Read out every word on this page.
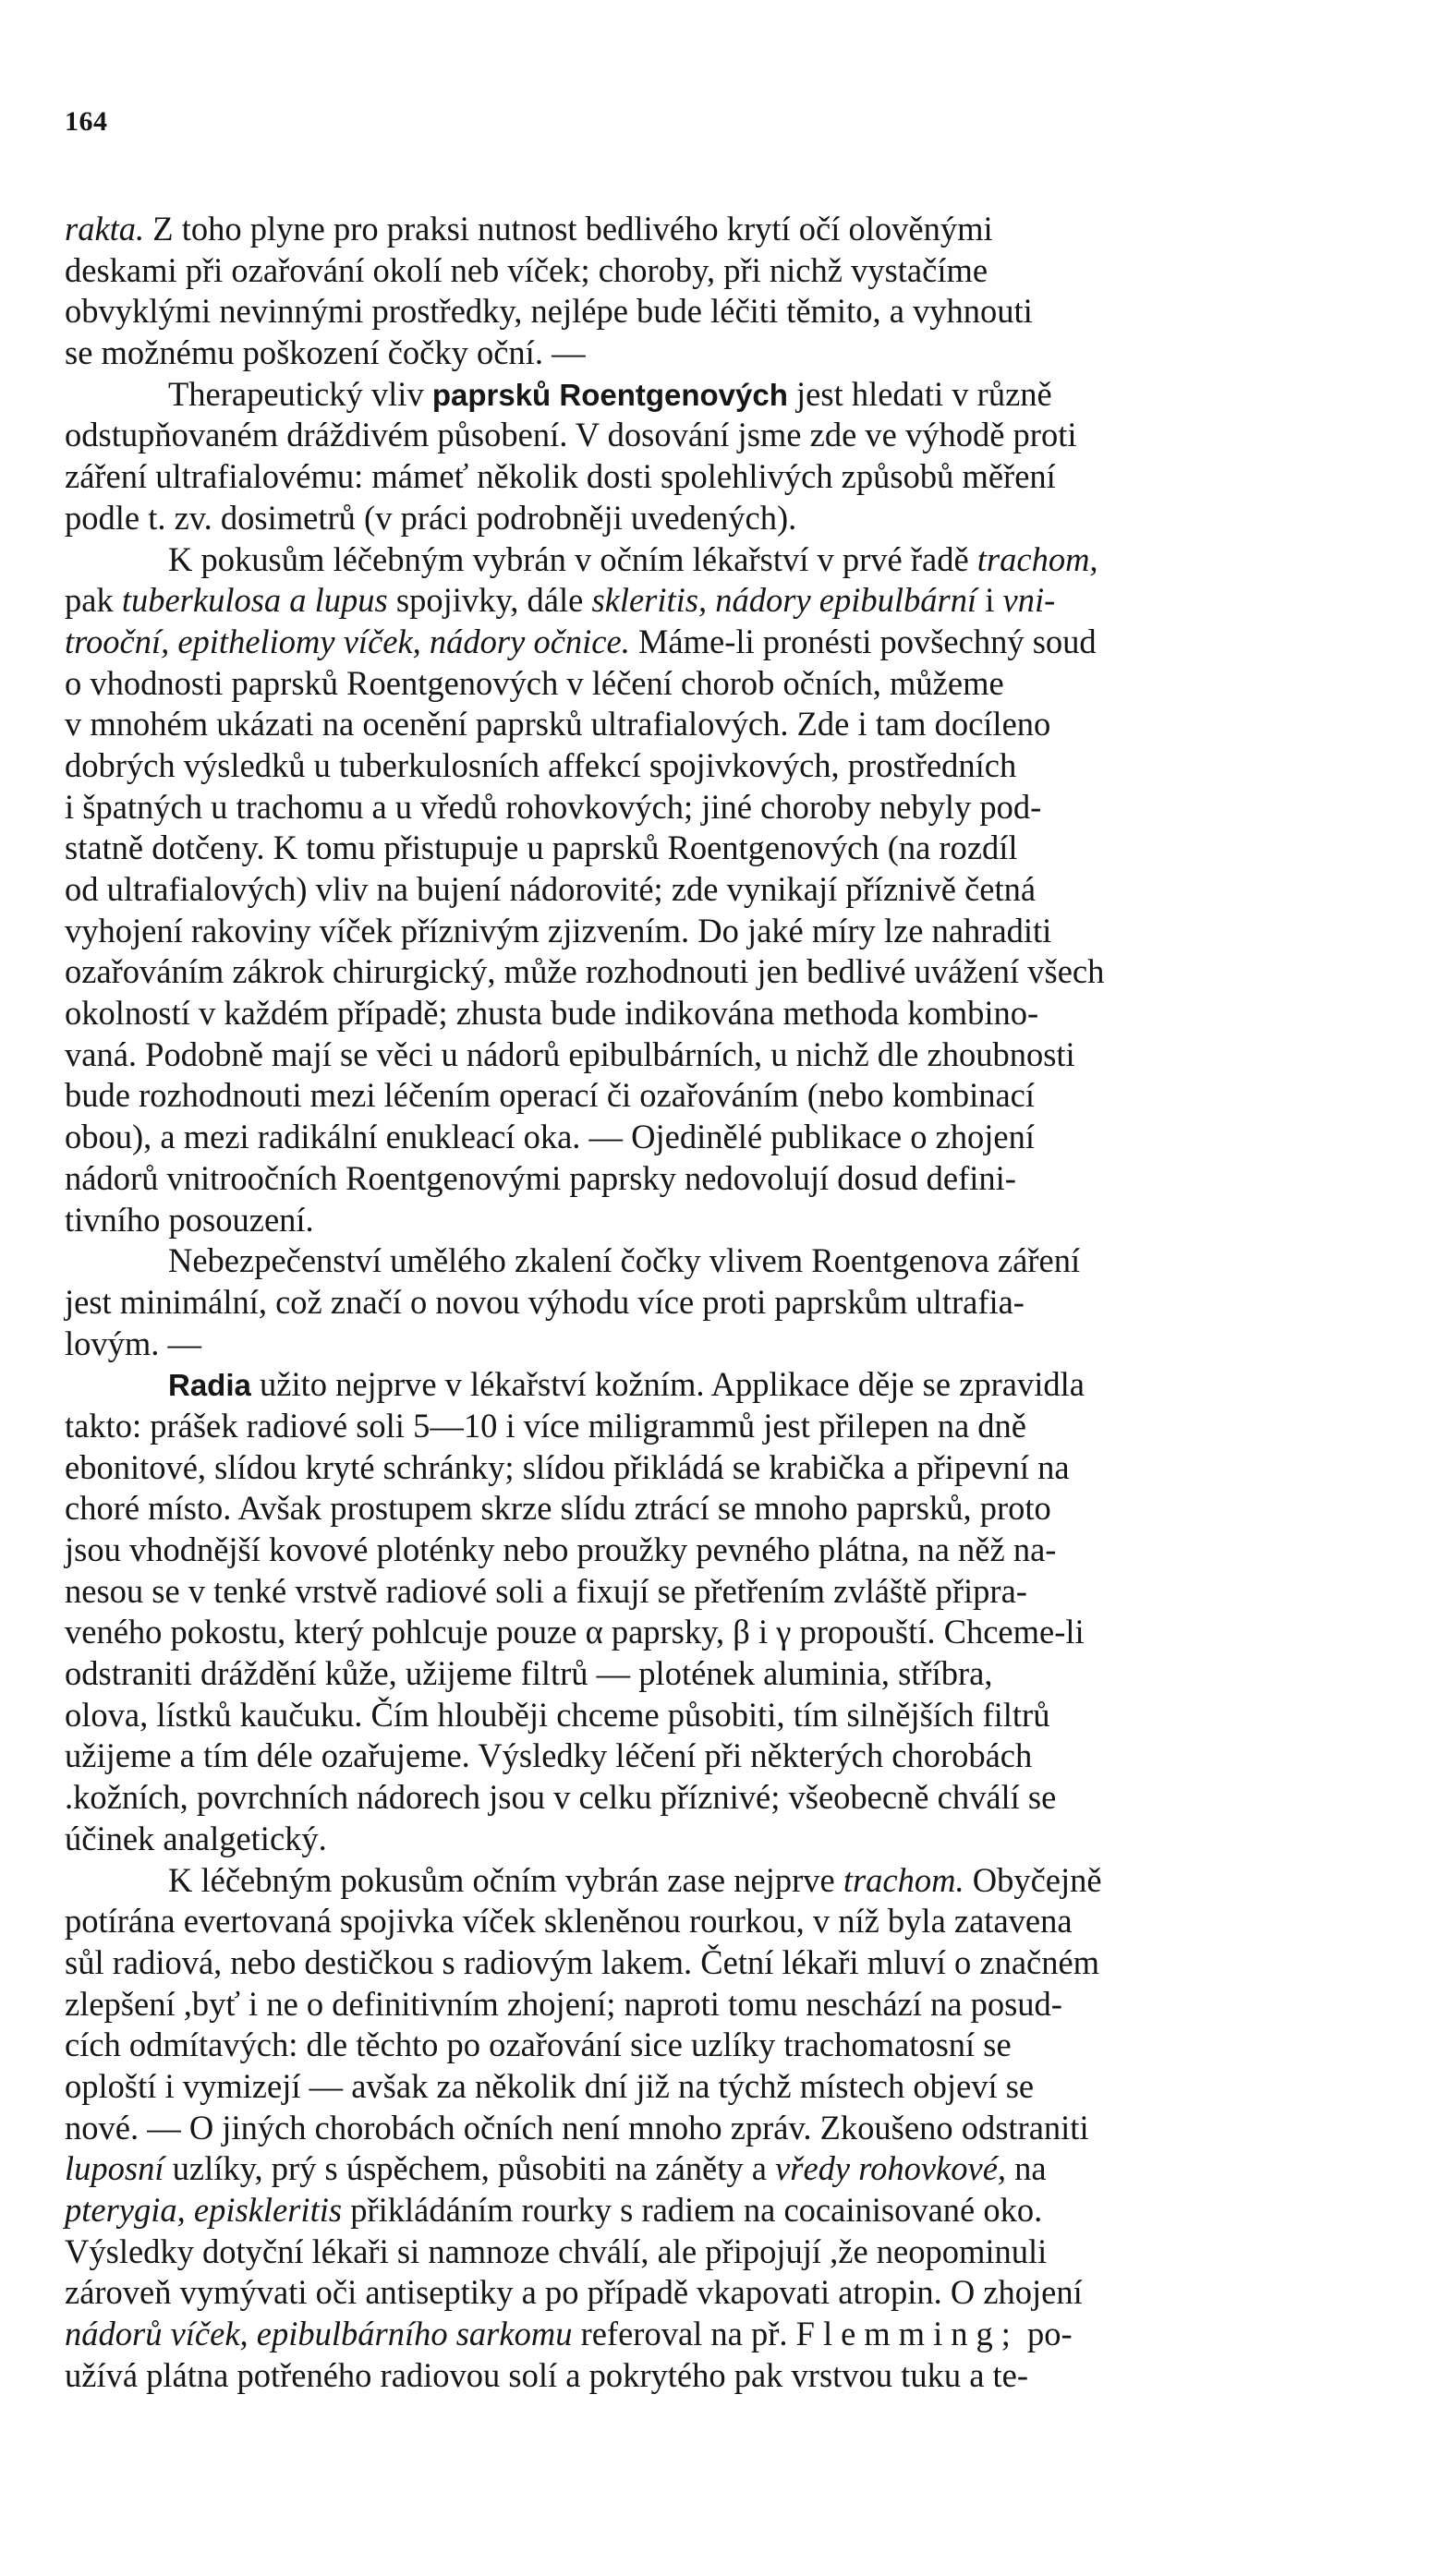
164
rakta. Z toho plyne pro praksi nutnost bedlivého krytí očí olověnými
deskami při ozařování okolí neb víček; choroby, při nichž vystačíme
obvyklými nevinnými prostředky, nejlépe bude léčiti těmito, a vyhnouti
se možnému poškození čočky oční. —
Therapeutický vliv paprsků Roentgenových jest hledati v různě
odstupňovaném dráždivém působení. V dosování jsme zde ve výhodě proti
záření ultrafialovému: mámeť několik dosti spolehlivých způsobů měření
podle t. zv. dosimetrů (v práci podrobněji uvedených).
K pokusům léčebným vybrán v očním lékařství v prvé řadě trachom,
pak tuberkulosa a lupus spojivky, dále skleritis, nádory epibulbární i vni-
trooční, epitheliomy víček, nádory očnice. Máme-li pronésti povšechný soud
o vhodnosti paprsků Roentgenových v léčení chorob očních, můžeme
v mnohém ukázati na ocenění paprsků ultrafialových. Zde i tam docíleno
dobrých výsledků u tuberkulosních affekcí spojivkových, prostředních
i špatných u trachomu a u vředů rohovkových; jiné choroby nebyly pod-
statně dotčeny. K tomu přistupuje u paprsků Roentgenových (na rozdíl
od ultrafialových) vliv na bujení nádorovité; zde vynikají příznivě četná
vyhojení rakoviny víček příznivým zjizvením. Do jaké míry lze nahraditi
ozařováním zákrok chirurgický, může rozhodnouti jen bedlivé uvážení všech
okolností v každém případě; zhusta bude indikována methoda kombino-
vaná. Podobně mají se věci u nádorů epibulbárních, u nichž dle zhoubnosti
bude rozhodnouti mezi léčením operací či ozařováním (nebo kombinací
obou), a mezi radikální enukleací oka. — Ojedinělé publikace o zhojení
nádorů vnitroočních Roentgenovými paprsky nedovolují dosud defini-
tivního posouzení.
Nebezpečenství umělého zkalení čočky vlivem Roentgenova záření
jest minimální, což značí o novou výhodu více proti paprskům ultrafia-
lovým. —
Radia užito nejprve v lékařství kožním. Applikace děje se zpravidla
takto: prášek radiové soli 5—10 i více miligrammů jest přilepen na dně
ebonitové, slídou kryté schránky; slídou přikládá se krabička a připevní na
choré místo. Avšak prostupem skrze slídu ztrácí se mnoho paprsků, proto
jsou vhodnější kovové ploténky nebo proužky pevného plátna, na něž na-
nesou se v tenké vrstvě radiové soli a fixují se přetřením zvláště připra-
veného pokostu, který pohlcuje pouze α paprsky, β i γ propouští. Chceme-li
odstraniti dráždění kůže, užijeme filtrů — plotének aluminia, stříbra,
olova, lístků kaučuku. Čím hlouběji chceme působiti, tím silnějších filtrů
užijeme a tím déle ozařujeme. Výsledky léčení při některých chorobách
.kožních, povrchních nádorech jsou v celku příznivé; všeobecně chválí se
účinek analgetický.
K léčebným pokusům očním vybrán zase nejprve trachom. Obyčejně
potírána evertovaná spojivka víček skleněnou rourkou, v níž byla zatavena
sůl radiová, nebo destičkou s radiovým lakem. Četní lékaři mluví o značném
zlepšení ,byť i ne o definitivním zhojení; naproti tomu neschází na posud-
cích odmítavých: dle těchto po ozařování sice uzlíky trachomatosní se
oploští i vymizejí — avšak za několik dní již na týchž místech objeví se
nové. — O jiných chorobách očních není mnoho zpráv. Zkoušeno odstraniti
luposní uzlíky, prý s úspěchem, působiti na záněty a vředy rohovkové, na
pterygia, episkleritis přikládáním rourky s radiem na cocainisované oko.
Výsledky dotyční lékaři si namnoze chválí, ale připojují ,že neopominuli
zároveň vymývati oči antiseptiky a po případě vkapovati atropin. O zhojení
nádorů víček, epibulbárního sarkomu referoval na př. Flemming; po-
užívá plátna potřeného radiovou solí a pokrytého pak vrstvou tuku a te-
